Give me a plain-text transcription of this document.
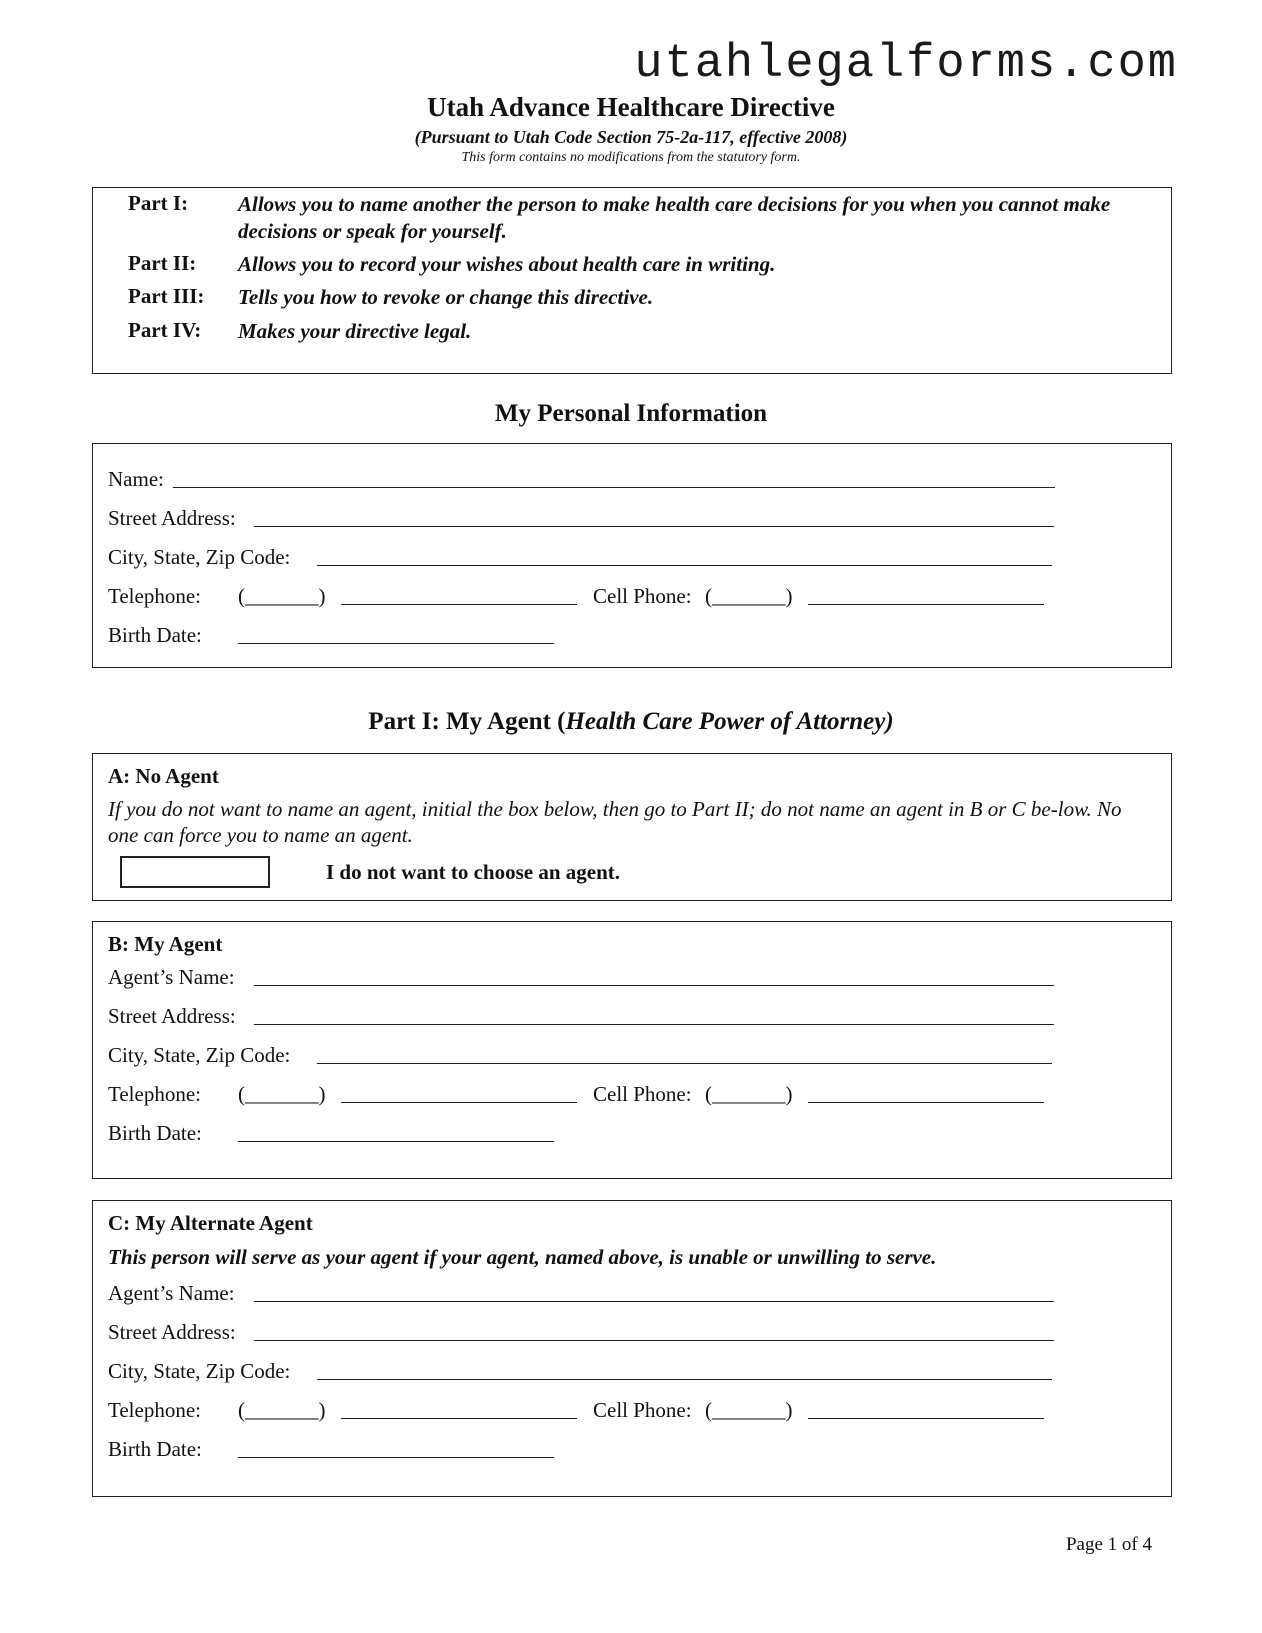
utahlegalforms.com
Utah Advance Healthcare Directive
(Pursuant to Utah Code Section 75-2a-117, effective 2008)
This form contains no modifications from the statutory form.
Part I: Allows you to name another the person to make health care decisions for you when you cannot make decisions or speak for yourself.
Part II: Allows you to record your wishes about health care in writing.
Part III: Tells you how to revoke or change this directive.
Part IV: Makes your directive legal.
My Personal Information
Name:
Street Address:
City, State, Zip Code:
Telephone: (_______)	Cell Phone: (_______)
Birth Date:
Part I: My Agent (Health Care Power of Attorney)
A: No Agent
If you do not want to name an agent, initial the box below, then go to Part II; do not name an agent in B or C be-low. No one can force you to name an agent.
I do not want to choose an agent.
B: My Agent
Agent’s Name:
Street Address:
City, State, Zip Code:
Telephone: (_______)	Cell Phone: (_______)
Birth Date:
C: My Alternate Agent
This person will serve as your agent if your agent, named above, is unable or unwilling to serve.
Agent’s Name:
Street Address:
City, State, Zip Code:
Telephone: (_______)	Cell Phone: (_______)
Birth Date:
Page 1 of 4
